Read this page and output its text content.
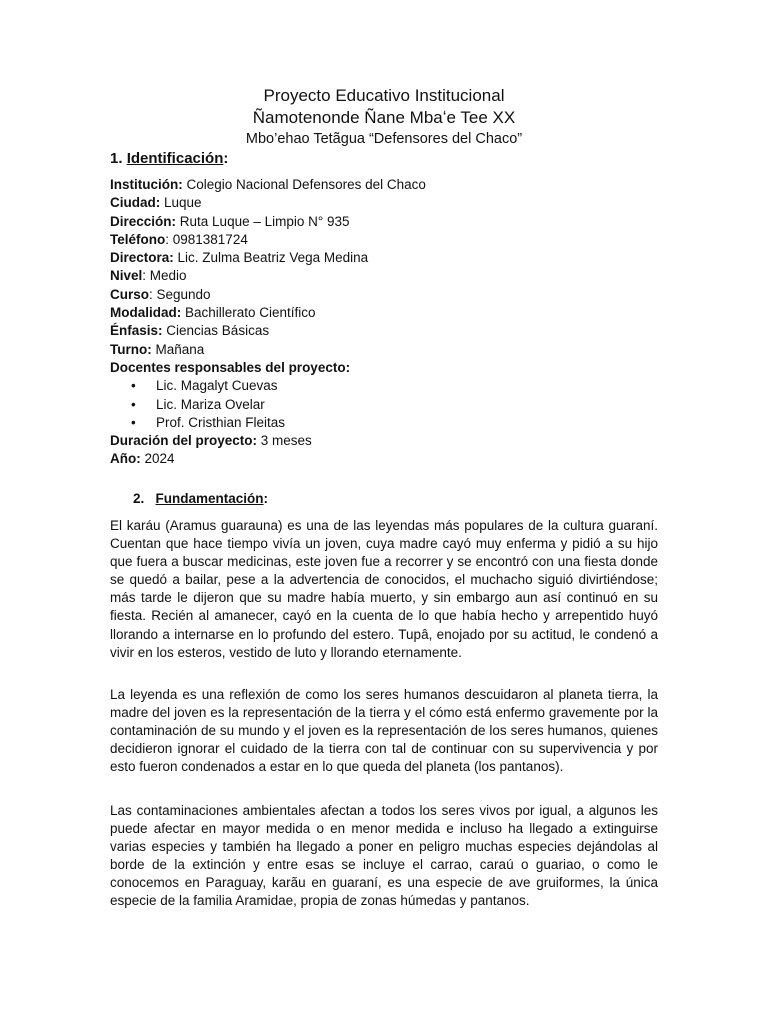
Proyecto Educativo Institucional
Ñamotenonde Ñane Mbaʻe Tee XX
Mbo’ehao Tetãgua “Defensores del Chaco”
1. Identificación:
Institución: Colegio Nacional Defensores del Chaco
Ciudad: Luque
Dirección: Ruta Luque – Limpio N° 935
Teléfono: 0981381724
Directora: Lic. Zulma Beatriz Vega Medina
Nivel: Medio
Curso: Segundo
Modalidad: Bachillerato Científico
Énfasis: Ciencias Básicas
Turno: Mañana
Docentes responsables del proyecto:
• Lic. Magalyt Cuevas
• Lic. Mariza Ovelar
• Prof. Cristhian Fleitas
Duración del proyecto: 3 meses
Año: 2024
2. Fundamentación:

El karáu (Aramus guarauna) es una de las leyendas más populares de la cultura guaraní. Cuentan que hace tiempo vivía un joven, cuya madre cayó muy enferma y pidió a su hijo que fuera a buscar medicinas, este joven fue a recorrer y se encontró con una fiesta donde se quedó a bailar, pese a la advertencia de conocidos, el muchacho siguió divirtiéndose; más tarde le dijeron que su madre había muerto, y sin embargo aun así continuó en su fiesta. Recién al amanecer, cayó en la cuenta de lo que había hecho y arrepentido huyó llorando a internarse en lo profundo del estero. Tupâ, enojado por su actitud, le condenó a vivir en los esteros, vestido de luto y llorando eternamente.

La leyenda es una reflexión de como los seres humanos descuidaron al planeta tierra, la madre del joven es la representación de la tierra y el cómo está enfermo gravemente por la contaminación de su mundo y el joven es la representación de los seres humanos, quienes decidieron ignorar el cuidado de la tierra con tal de continuar con su supervivencia y por esto fueron condenados a estar en lo que queda del planeta (los pantanos).

Las contaminaciones ambientales afectan a todos los seres vivos por igual, a algunos les puede afectar en mayor medida o en menor medida e incluso ha llegado a extinguirse varias especies y también ha llegado a poner en peligro muchas especies dejándolas al borde de la extinción y entre esas se incluye el carrao, caraú o guariao, o como le conocemos en Paraguay, karãu en guaraní, es una especie de ave gruiformes, la única especie de la familia Aramidae, propia de zonas húmedas y pantanos.
